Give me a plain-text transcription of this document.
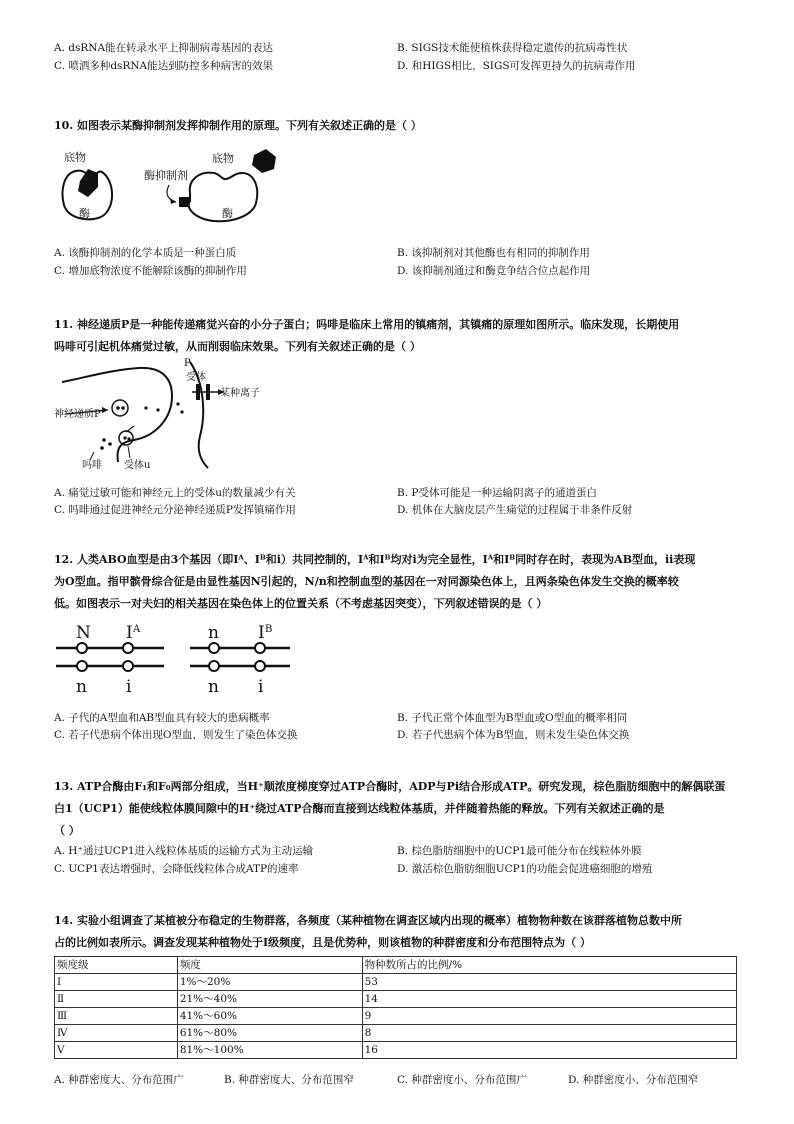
A. dsRNA能在转录水平上抑制病毒基因的表达	B. SIGS技术能使植株获得稳定遗传的抗病毒性状
C. 喷洒多种dsRNA能达到防控多种病害的效果	D. 和HIGS相比，SIGS可发挥更持久的抗病毒作用
10. 如图表示某酶抑制剂发挥抑制作用的原理。下列有关叙述正确的是（ ）
底物
酶
酶抑制剂
酶
底物
A. 该酶抑制剂的化学本质是一种蛋白质	B. 该抑制剂对其他酶也有相同的抑制作用
C. 增加底物浓度不能解除该酶的抑制作用	D. 该抑制剂通过和酶竞争结合位点起作用

11. 神经递质P是一种能传递痛觉兴奋的小分子蛋白；吗啡是临床上常用的镇痛剂，其镇痛的原理如图所示。临床发现，长期使用

吗啡可引起机体痛觉过敏，从而削弱临床效果。下列有关叙述正确的是（ ）

P
受体
某种离子
神经递质P
吗啡 受体u
A. 痛觉过敏可能和神经元上的受体u的数量减少有关	B. P受体可能是一种运输阴离子的通道蛋白
C. 吗啡通过促进神经元分泌神经递质P发挥镇痛作用	D. 机体在大脑皮层产生痛觉的过程属于非条件反射

12. 人类ABO血型是由3个基因（即Iᴬ、Iᴮ和i）共同控制的，Iᴬ和Iᴮ均对i为完全显性，Iᴬ和Iᴮ同时存在时，表现为AB型血，ii表现

为O型血。指甲髌骨综合征是由显性基因N引起的，N/n和控制血型的基因在一对同源染色体上，且两条染色体发生交换的概率较

低。如图表示一对夫妇的相关基因在染色体上的位置关系（不考虑基因突变），下列叙述错误的是（ ）

N I A
n i
n I B
n i
A. 子代的A型血和AB型血具有较大的患病概率	B. 子代正常个体血型为B型血或O型血的概率相同
C. 若子代患病个体出现O型血，则发生了染色体交换	D. 若子代患病个体为B型血，则未发生染色体交换

13. ATP合酶由F₁和F₀两部分组成，当H⁺顺浓度梯度穿过ATP合酶时，ADP与Pi结合形成ATP。研究发现，棕色脂肪细胞中的解偶联蛋

白1（UCP1）能使线粒体膜间隙中的H⁺绕过ATP合酶而直接到达线粒体基质，并伴随着热能的释放。下列有关叙述正确的是

（ ）

A. H⁺通过UCP1进入线粒体基质的运输方式为主动运输	B. 棕色脂肪细胞中的UCP1最可能分布在线粒体外膜
C. UCP1表达增强时，会降低线粒体合成ATP的速率	D. 激活棕色脂肪细胞UCP1的功能会促进癌细胞的增殖

14. 实验小组调查了某植被分布稳定的生物群落，各频度（某种植物在调查区域内出现的概率）植物物种数在该群落植物总数中所

占的比例如表所示。调查发现某种植物处于Ⅰ级频度，且是优势种，则该植物的种群密度和分布范围特点为（ ）

频度级	频度	物种数所占的比例/%
Ⅰ	1%～20%	53
Ⅱ	21%～40%	14
Ⅲ	41%～60%	9
Ⅳ	61%～80%	8
Ⅴ	81%～100%	16
A. 种群密度大、分布范围广	B. 种群密度大、分布范围窄	C. 种群密度小、分布范围广	D. 种群密度小、分布范围窄
